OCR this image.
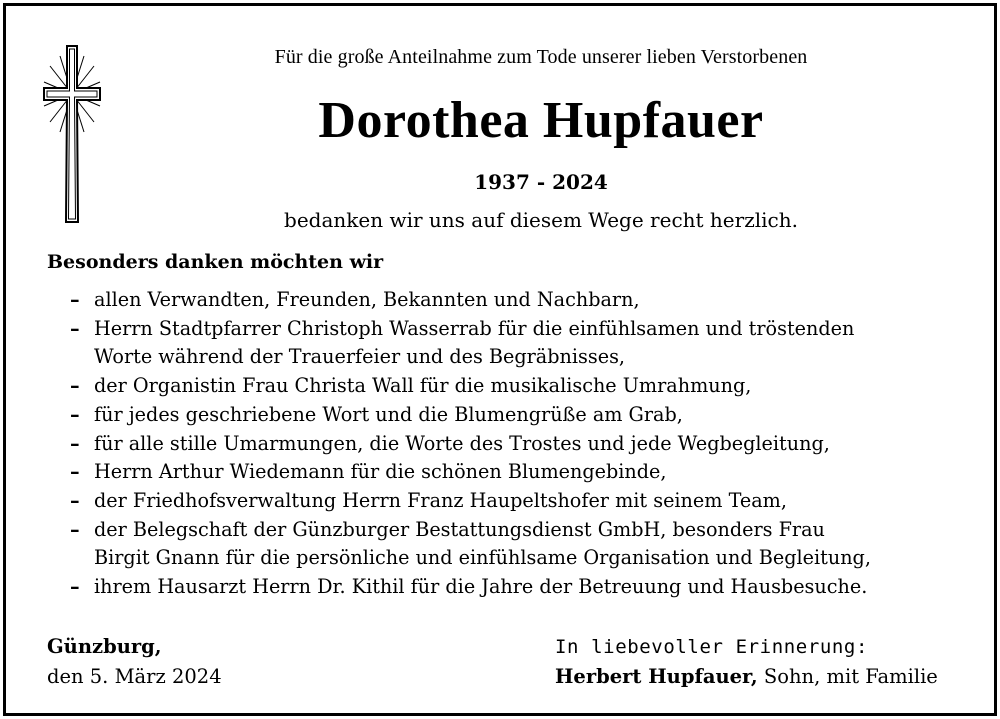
Für die große Anteilnahme zum Tode unserer lieben Verstorbenen
Dorothea Hupfauer
1937 - 2024
bedanken wir uns auf diesem Wege recht herzlich.
Besonders danken möchten wir
– allen Verwandten, Freunden, Bekannten und Nachbarn,
– Herrn Stadtpfarrer Christoph Wasserrab für die einfühlsamen und tröstenden
Worte während der Trauerfeier und des Begräbnisses,
– der Organistin Frau Christa Wall für die musikalische Umrahmung,
– für jedes geschriebene Wort und die Blumengrüße am Grab,
– für alle stille Umarmungen, die Worte des Trostes und jede Wegbegleitung,
– Herrn Arthur Wiedemann für die schönen Blumengebinde,
– der Friedhofsverwaltung Herrn Franz Haupeltshofer mit seinem Team,
– der Belegschaft der Günzburger Bestattungsdienst GmbH, besonders Frau
Birgit Gnann für die persönliche und einfühlsame Organisation und Begleitung,
– ihrem Hausarzt Herrn Dr. Kithil für die Jahre der Betreuung und Hausbesuche.
Günzburg,
den 5. März 2024
In liebevoller Erinnerung:
Herbert Hupfauer, Sohn, mit Familie
